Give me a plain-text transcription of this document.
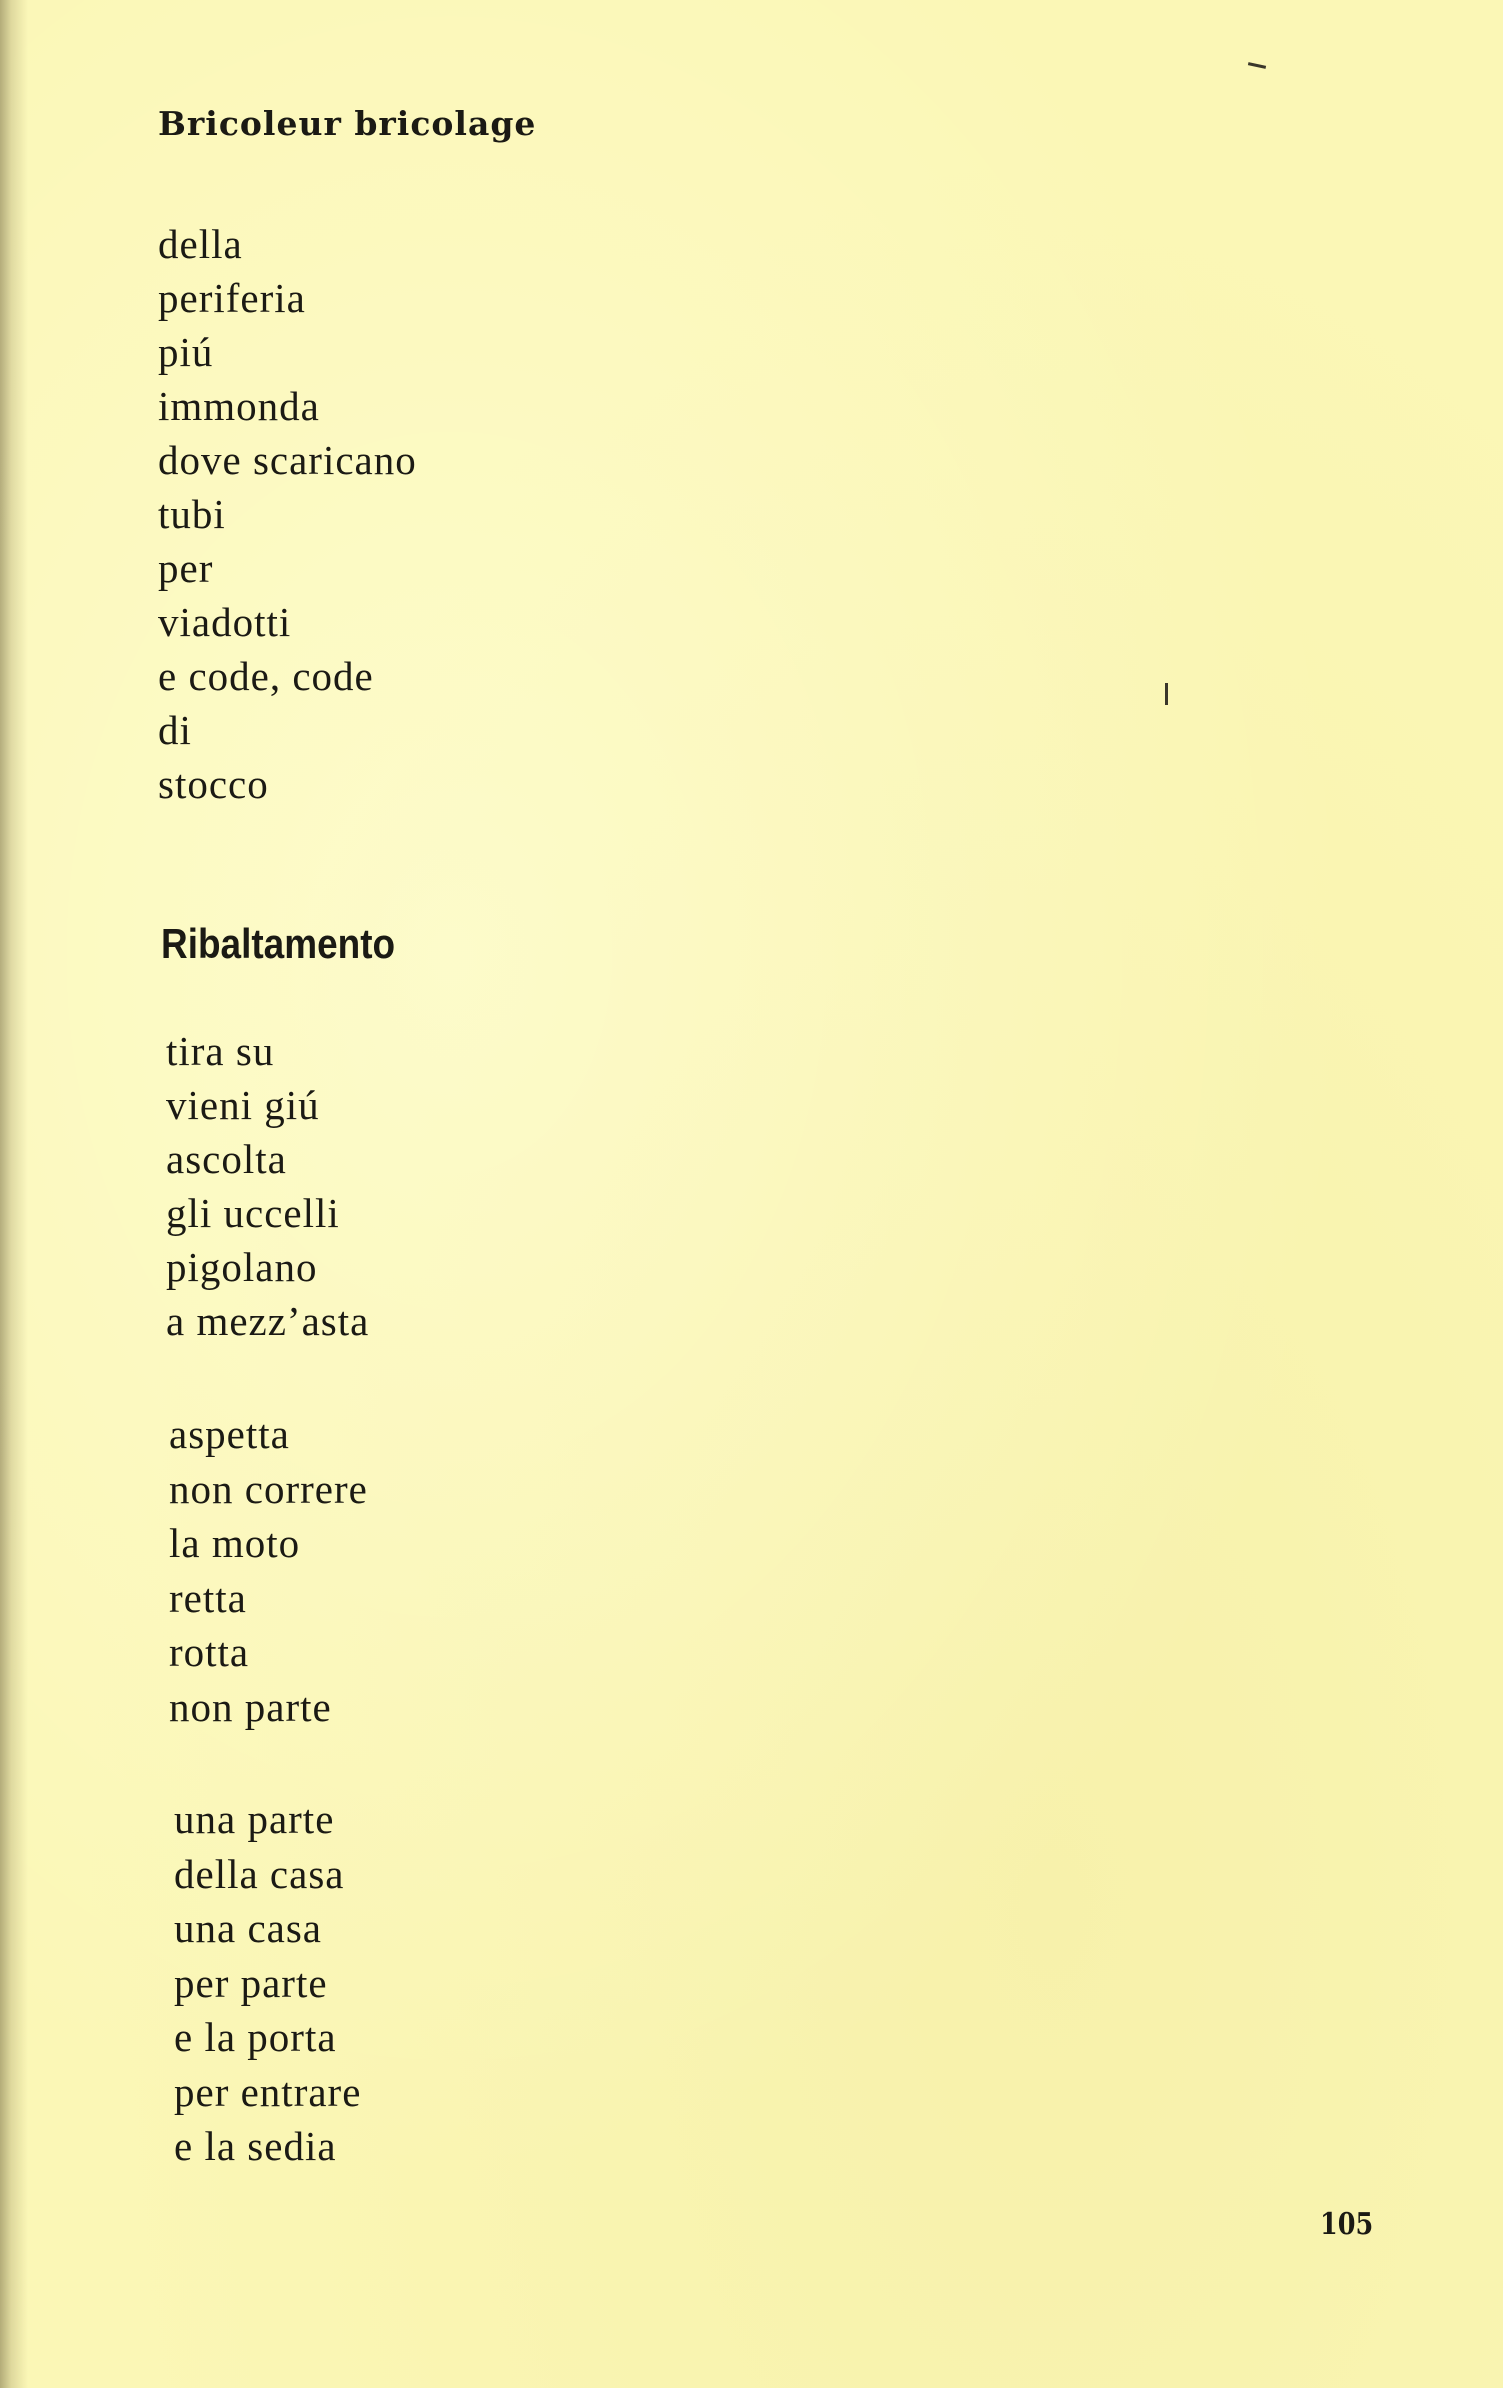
Bricoleur bricolage

della
periferia
piú
immonda
dove scaricano
tubi
per
viadotti
e code, code
di
stocco
Ribaltamento
tira su
vieni giú
ascolta
gli uccelli
pigolano
a mezz’asta
aspetta
non correre
la moto
retta
rotta
non parte
una parte
della casa
una casa
per parte
e la porta
per entrare
e la sedia
105
